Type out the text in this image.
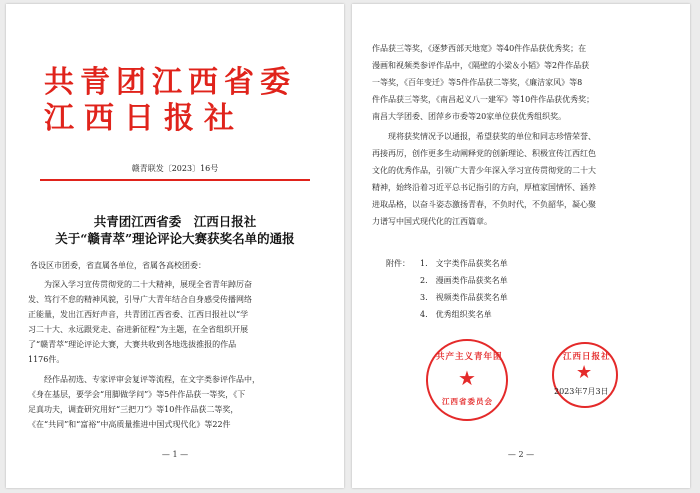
共青团江西省委
江西日报社
赣青联发〔2023〕16号
共青团江西省委　江西日报社
关于“赣青萃”理论评论大赛获奖名单的通报
各设区市团委，省直属各单位，省属各高校团委：
为深入学习宣传贯彻党的二十大精神，展现全省青年踔厉奋
发、笃行不怠的精神风貌，引导广大青年结合自身感受传播网络
正能量，发出江西好声音，共青团江西省委、江西日报社以“学
习二十大、永远跟党走、奋进新征程”为主题，在全省组织开展
了“赣青萃”理论评论大赛，大赛共收到各地选拔推报的作品
1176件。
经作品初选、专家评审会复评等流程，在文字类参评作品中，
《身在基层，要学会“用脚做学问”》等5件作品获一等奖，《下
足真功夫，调査研究用好“三把刀”》等10件作品获二等奖，
《在“共同”和“富裕”中高质量推进中国式现代化》等22件
— 1 —
作品获三等奖，《逐梦西部天地宽》等40件作品获优秀奖；在
漫画和视频类参评作品中，《隔壁的小梁＆小韬》等2件作品获
一等奖，《百年变迁》等5件作品获二等奖，《廉洁家风》等8
件作品获三等奖，《南昌起义八一建军》等10件作品获优秀奖；
南昌大学团委、团萍乡市委等20家单位获优秀组织奖。
现将获奖情况予以通报，希望获奖的单位和同志珍惜荣誉、
再接再厉，创作更多生动阐释党的创新理论、积极宣传江西红色
文化的优秀作品，引领广大青少年深入学习宣传贯彻党的二十大
精神，始终沿着习近平总书记指引的方向，厚植家国情怀、涵养
进取品格，以奋斗姿态激扬青春，不负时代，不负韶华，凝心聚
力谱写中国式现代化的江西篇章。
附件： 1.　文字类作品获奖名单
2.　漫画类作品获奖名单
3.　视频类作品获奖名单
4.　优秀组织奖名单
共产主义青年团
★
江西省委员会
江西日报社
★
2023年7月3日
— 2 —
